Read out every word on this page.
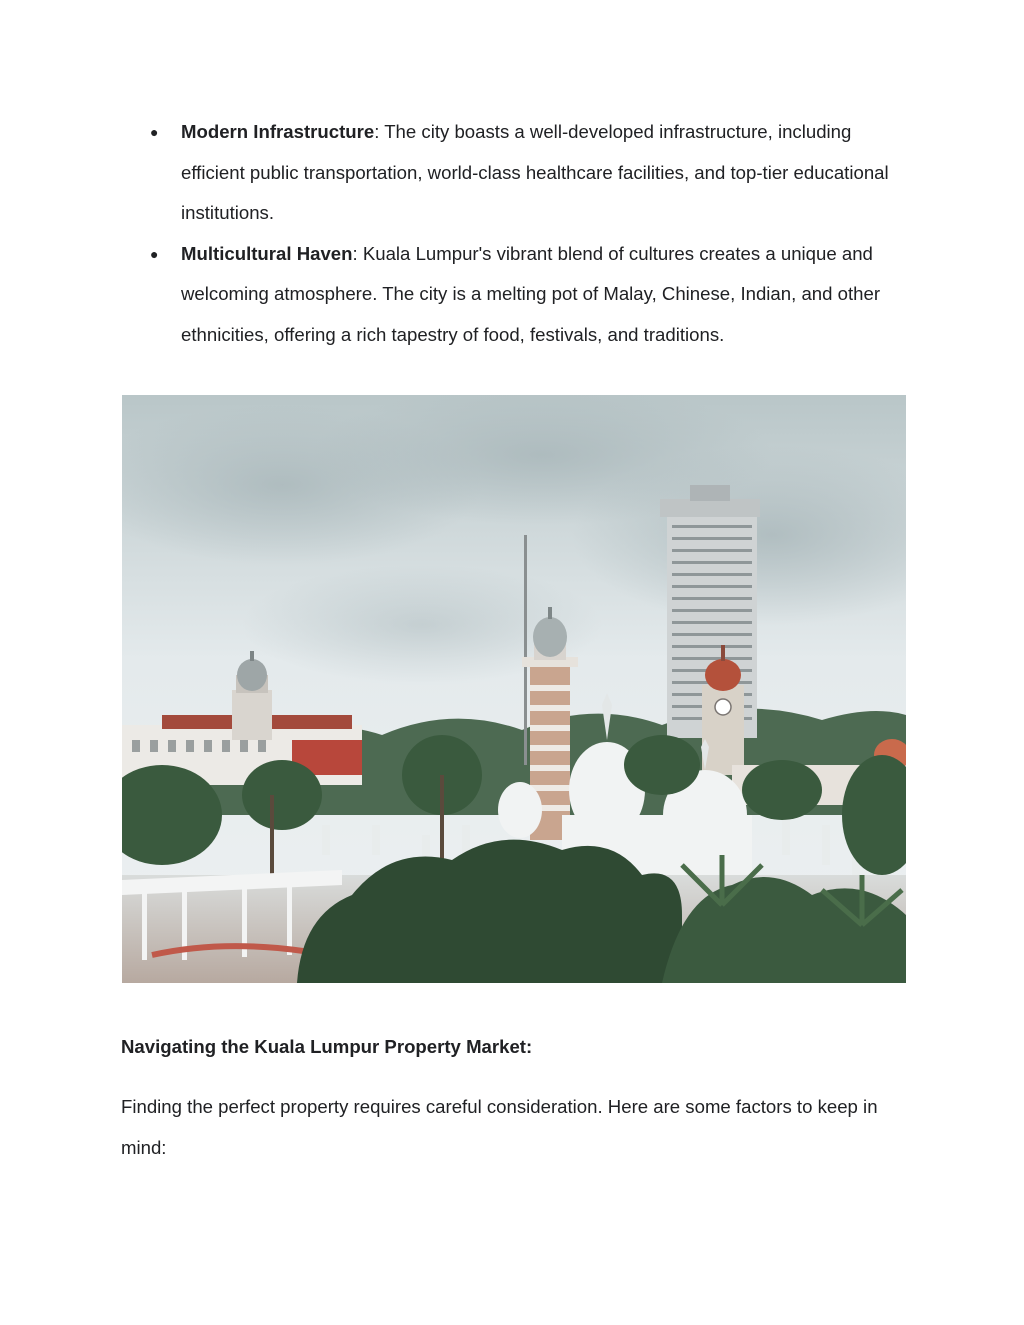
● Modern Infrastructure: The city boasts a well-developed infrastructure, including efficient public transportation, world-class healthcare facilities, and top-tier educational institutions.
● Multicultural Haven: Kuala Lumpur's vibrant blend of cultures creates a unique and welcoming atmosphere. The city is a melting pot of Malay, Chinese, Indian, and other ethnicities, offering a rich tapestry of food, festivals, and traditions.
Navigating the Kuala Lumpur Property Market:

Finding the perfect property requires careful consideration. Here are some factors to keep in mind:
